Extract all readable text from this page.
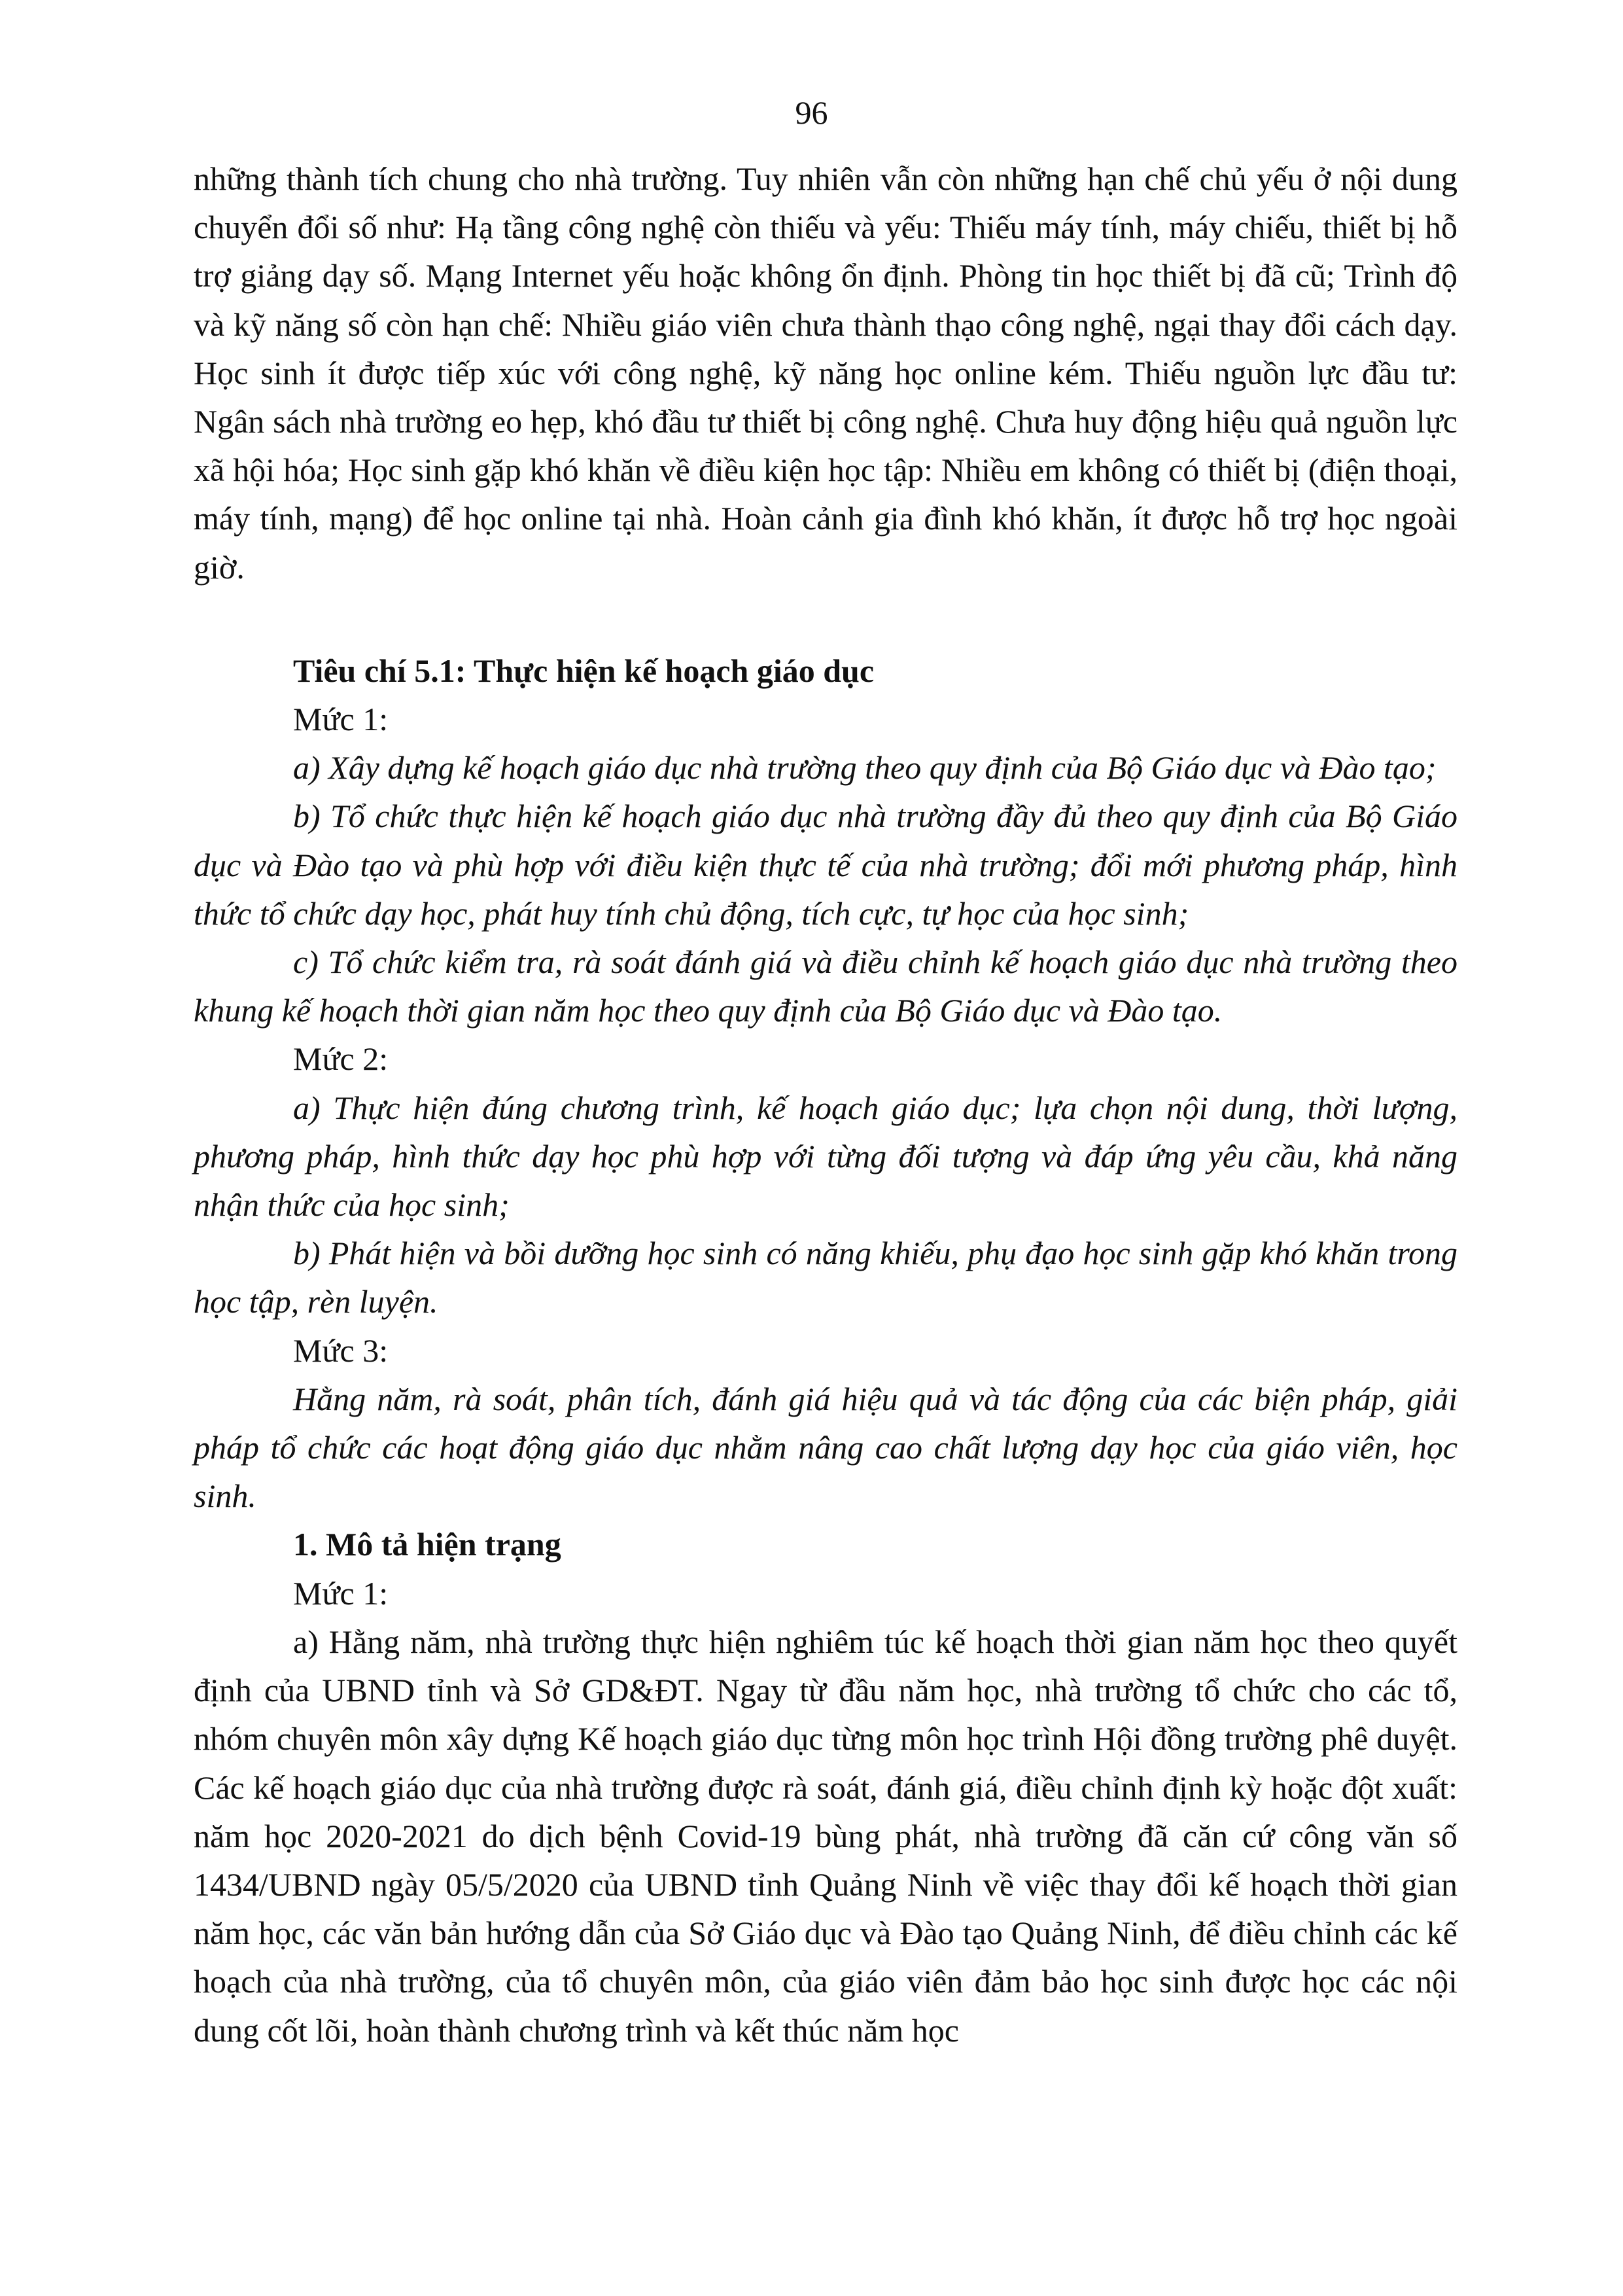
96

những thành tích chung cho nhà trường. Tuy nhiên vẫn còn những hạn chế chủ yếu ở nội dung chuyển đổi số như: Hạ tầng công nghệ còn thiếu và yếu: Thiếu máy tính, máy chiếu, thiết bị hỗ trợ giảng dạy số. Mạng Internet yếu hoặc không ổn định. Phòng tin học thiết bị đã cũ; Trình độ và kỹ năng số còn hạn chế: Nhiều giáo viên chưa thành thạo công nghệ, ngại thay đổi cách dạy. Học sinh ít được tiếp xúc với công nghệ, kỹ năng học online kém. Thiếu nguồn lực đầu tư: Ngân sách nhà trường eo hẹp, khó đầu tư thiết bị công nghệ. Chưa huy động hiệu quả nguồn lực xã hội hóa; Học sinh gặp khó khăn về điều kiện học tập: Nhiều em không có thiết bị (điện thoại, máy tính, mạng) để học online tại nhà. Hoàn cảnh gia đình khó khăn, ít được hỗ trợ học ngoài giờ.

Tiêu chí 5.1: Thực hiện kế hoạch giáo dục

Mức 1:

a) Xây dựng kế hoạch giáo dục nhà trường theo quy định của Bộ Giáo dục và Đào tạo;

b) Tổ chức thực hiện kế hoạch giáo dục nhà trường đầy đủ theo quy định của Bộ Giáo dục và Đào tạo và phù hợp với điều kiện thực tế của nhà trường; đổi mới phương pháp, hình thức tổ chức dạy học, phát huy tính chủ động, tích cực, tự học của học sinh;

c) Tổ chức kiểm tra, rà soát đánh giá và điều chỉnh kế hoạch giáo dục nhà trường theo khung kế hoạch thời gian năm học theo quy định của Bộ Giáo dục và Đào tạo.

Mức 2:

a) Thực hiện đúng chương trình, kế hoạch giáo dục; lựa chọn nội dung, thời lượng, phương pháp, hình thức dạy học phù hợp với từng đối tượng và đáp ứng yêu cầu, khả năng nhận thức của học sinh;

b) Phát hiện và bồi dưỡng học sinh có năng khiếu, phụ đạo học sinh gặp khó khăn trong học tập, rèn luyện.

Mức 3:

Hằng năm, rà soát, phân tích, đánh giá hiệu quả và tác động của các biện pháp, giải pháp tổ chức các hoạt động giáo dục nhằm nâng cao chất lượng dạy học của giáo viên, học sinh.

1. Mô tả hiện trạng

Mức 1:

a) Hằng năm, nhà trường thực hiện nghiêm túc kế hoạch thời gian năm học theo quyết định của UBND tỉnh và Sở GD&ĐT. Ngay từ đầu năm học, nhà trường tổ chức cho các tổ, nhóm chuyên môn xây dựng Kế hoạch giáo dục từng môn học trình Hội đồng trường phê duyệt. Các kế hoạch giáo dục của nhà trường được rà soát, đánh giá, điều chỉnh định kỳ hoặc đột xuất: năm học 2020-2021 do dịch bệnh Covid-19 bùng phát, nhà trường đã căn cứ công văn số 1434/UBND ngày 05/5/2020 của UBND tỉnh Quảng Ninh về việc thay đổi kế hoạch thời gian năm học, các văn bản hướng dẫn của Sở Giáo dục và Đào tạo Quảng Ninh, để điều chỉnh các kế hoạch của nhà trường, của tổ chuyên môn, của giáo viên đảm bảo học sinh được học các nội dung cốt lõi, hoàn thành chương trình và kết thúc năm học
